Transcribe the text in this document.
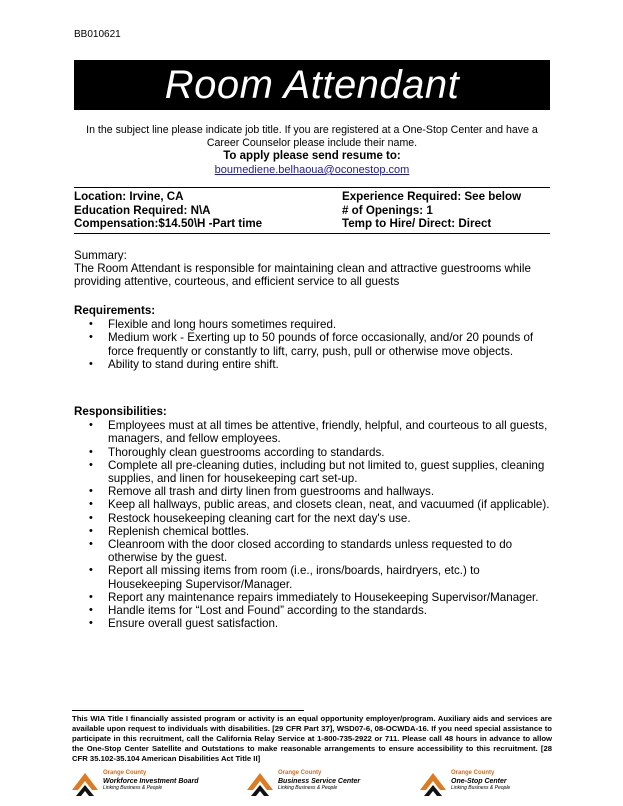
BB010621
Room Attendant
In the subject line please indicate job title. If you are registered at a One-Stop Center and have a Career Counselor please include their name.
To apply please send resume to:
boumediene.belhaoua@oconestop.com
Location: Irvine, CA	Experience Required: See below
Education Required: N\A	# of Openings: 1
Compensation:$14.50\H -Part time	Temp to Hire/ Direct: Direct
Summary:
The Room Attendant is responsible for maintaining clean and attractive guestrooms while providing attentive, courteous, and efficient service to all guests
Requirements:
• Flexible and long hours sometimes required.
• Medium work - Exerting up to 50 pounds of force occasionally, and/or 20 pounds of force frequently or constantly to lift, carry, push, pull or otherwise move objects.
• Ability to stand during entire shift.
Responsibilities:
• Employees must at all times be attentive, friendly, helpful, and courteous to all guests, managers, and fellow employees.
• Thoroughly clean guestrooms according to standards.
• Complete all pre-cleaning duties, including but not limited to, guest supplies, cleaning supplies, and linen for housekeeping cart set-up.
• Remove all trash and dirty linen from guestrooms and hallways.
• Keep all hallways, public areas, and closets clean, neat, and vacuumed (if applicable).
• Restock housekeeping cleaning cart for the next day's use.
• Replenish chemical bottles.
• Cleanroom with the door closed according to standards unless requested to do otherwise by the guest.
• Report all missing items from room (i.e., irons/boards, hairdryers, etc.) to Housekeeping Supervisor/Manager.
• Report any maintenance repairs immediately to Housekeeping Supervisor/Manager.
• Handle items for “Lost and Found” according to the standards.
• Ensure overall guest satisfaction.
This WIA Title I financially assisted program or activity is an equal opportunity employer/program. Auxiliary aids and services are available upon request to individuals with disabilities. [29 CFR Part 37], WSD07-6, 08-OCWDA-16. If you need special assistance to participate in this recruitment, call the California Relay Service at 1-800-735-2922 or 711. Please call 48 hours in advance to allow the One-Stop Center Satellite and Outstations to make reasonable arrangements to ensure accessibility to this recruitment. [28 CFR 35.102-35.104 American Disabilities Act Title II]
Orange County
Workforce Investment Board
Linking Business & People
Orange County
Business Service Center
Linking Business & People
Orange County
One-Stop Center
Linking Business & People
